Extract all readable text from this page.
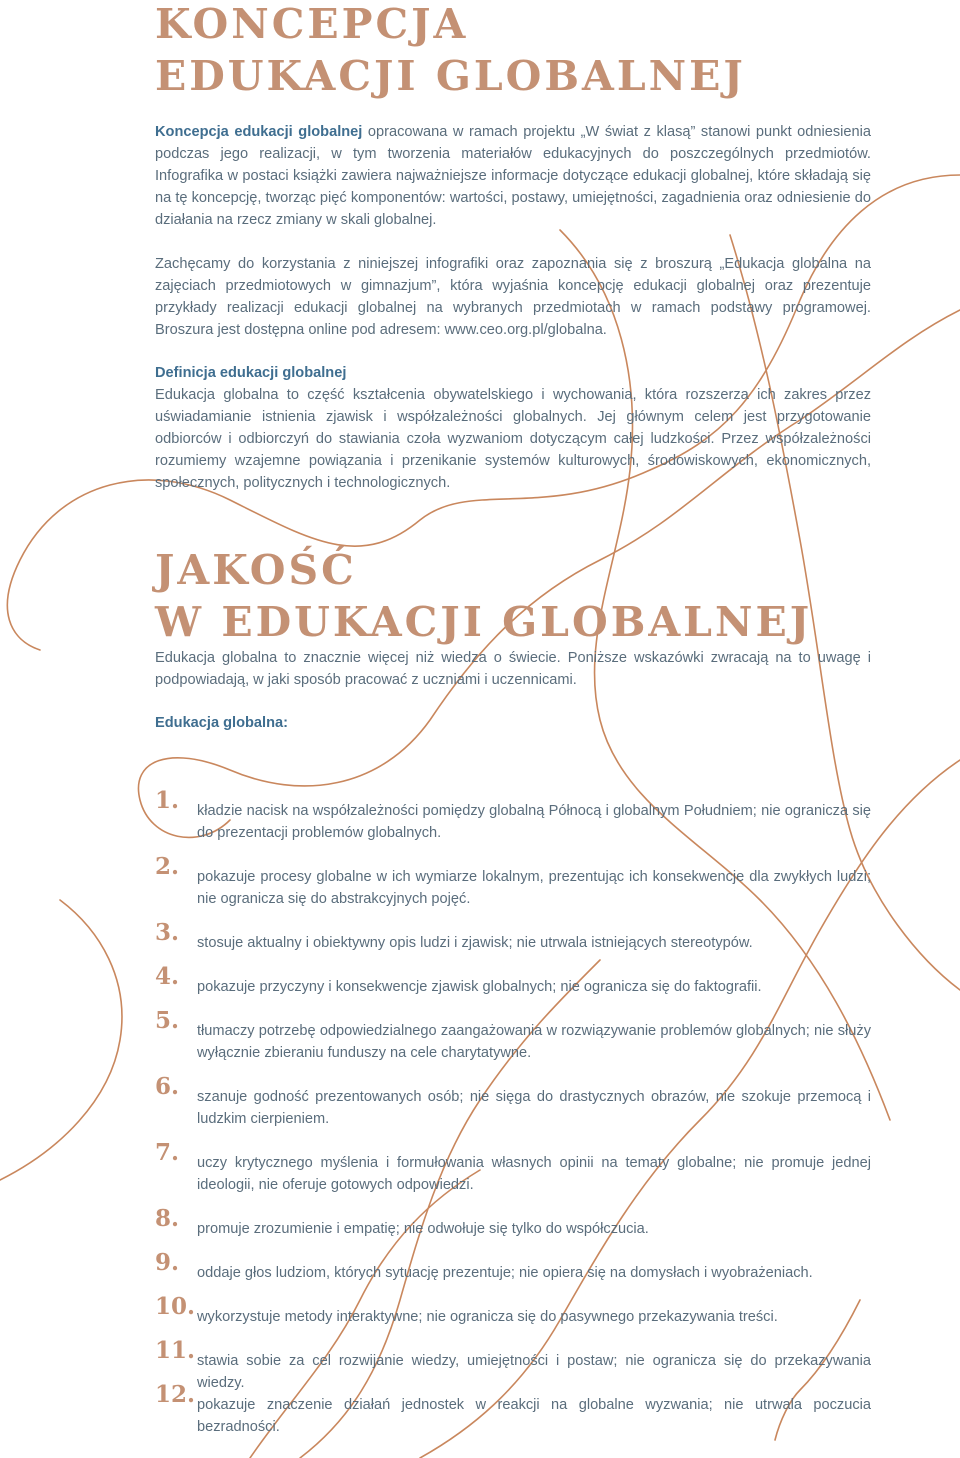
KONCEPCJA
EDUKACJI GLOBALNEJ

Koncepcja edukacji globalnej opracowana w ramach projektu „W świat z klasą” stanowi punkt odniesienia podczas jego realizacji, w tym tworzenia materiałów edukacyjnych do poszczególnych przedmiotów. Infografika w postaci książki zawiera najważniejsze informacje dotyczące edukacji globalnej, które składają się na tę koncepcję, tworząc pięć komponentów: wartości, postawy, umiejętności, zagadnienia oraz odniesienie do działania na rzecz zmiany w skali globalnej.

Zachęcamy do korzystania z niniejszej infografiki oraz zapoznania się z broszurą „Edukacja globalna na zajęciach przedmiotowych w gimnazjum”, która wyjaśnia koncepcję edukacji globalnej oraz prezentuje przykłady realizacji edukacji globalnej na wybranych przedmiotach w ramach podstawy programowej. Broszura jest dostępna online pod adresem: www.ceo.org.pl/globalna.

Definicja edukacji globalnej

Edukacja globalna to część kształcenia obywatelskiego i wychowania, która rozszerza ich zakres przez uświadamianie istnienia zjawisk i współzależności globalnych. Jej głównym celem jest przygotowanie odbiorców i odbiorczyń do stawiania czoła wyzwaniom dotyczącym całej ludzkości. Przez współzależności rozumiemy wzajemne powiązania i przenikanie systemów kulturowych, środowiskowych, ekonomicznych, społecznych, politycznych i technologicznych.

JAKOŚĆ
W EDUKACJI GLOBALNEJ

Edukacja globalna to znacznie więcej niż wiedza o świecie. Poniższe wskazówki zwracają na to uwagę i podpowiadają, w jaki sposób pracować z uczniami i uczennicami.

Edukacja globalna:
1. kładzie nacisk na współzależności pomiędzy globalną Północą i globalnym Południem; nie ogranicza się do prezentacji problemów globalnych.
2. pokazuje procesy globalne w ich wymiarze lokalnym, prezentując ich konsekwencje dla zwykłych ludzi; nie ogranicza się do abstrakcyjnych pojęć.
3. stosuje aktualny i obiektywny opis ludzi i zjawisk; nie utrwala istniejących stereotypów.
4. pokazuje przyczyny i konsekwencje zjawisk globalnych; nie ogranicza się do faktografii.
5. tłumaczy potrzebę odpowiedzialnego zaangażowania w rozwiązywanie problemów globalnych; nie służy wyłącznie zbieraniu funduszy na cele charytatywne.
6. szanuje godność prezentowanych osób; nie sięga do drastycznych obrazów, nie szokuje przemocą i ludzkim cierpieniem.
7. uczy krytycznego myślenia i formułowania własnych opinii na tematy globalne; nie promuje jednej ideologii, nie oferuje gotowych odpowiedzi.
8. promuje zrozumienie i empatię; nie odwołuje się tylko do współczucia.
9. oddaje głos ludziom, których sytuację prezentuje; nie opiera się na domysłach i wyobrażeniach.
10. wykorzystuje metody interaktywne; nie ogranicza się do pasywnego przekazywania treści.
11. stawia sobie za cel rozwijanie wiedzy, umiejętności i postaw; nie ogranicza się do przekazywania wiedzy.
12. pokazuje znaczenie działań jednostek w reakcji na globalne wyzwania; nie utrwala poczucia bezradności.
